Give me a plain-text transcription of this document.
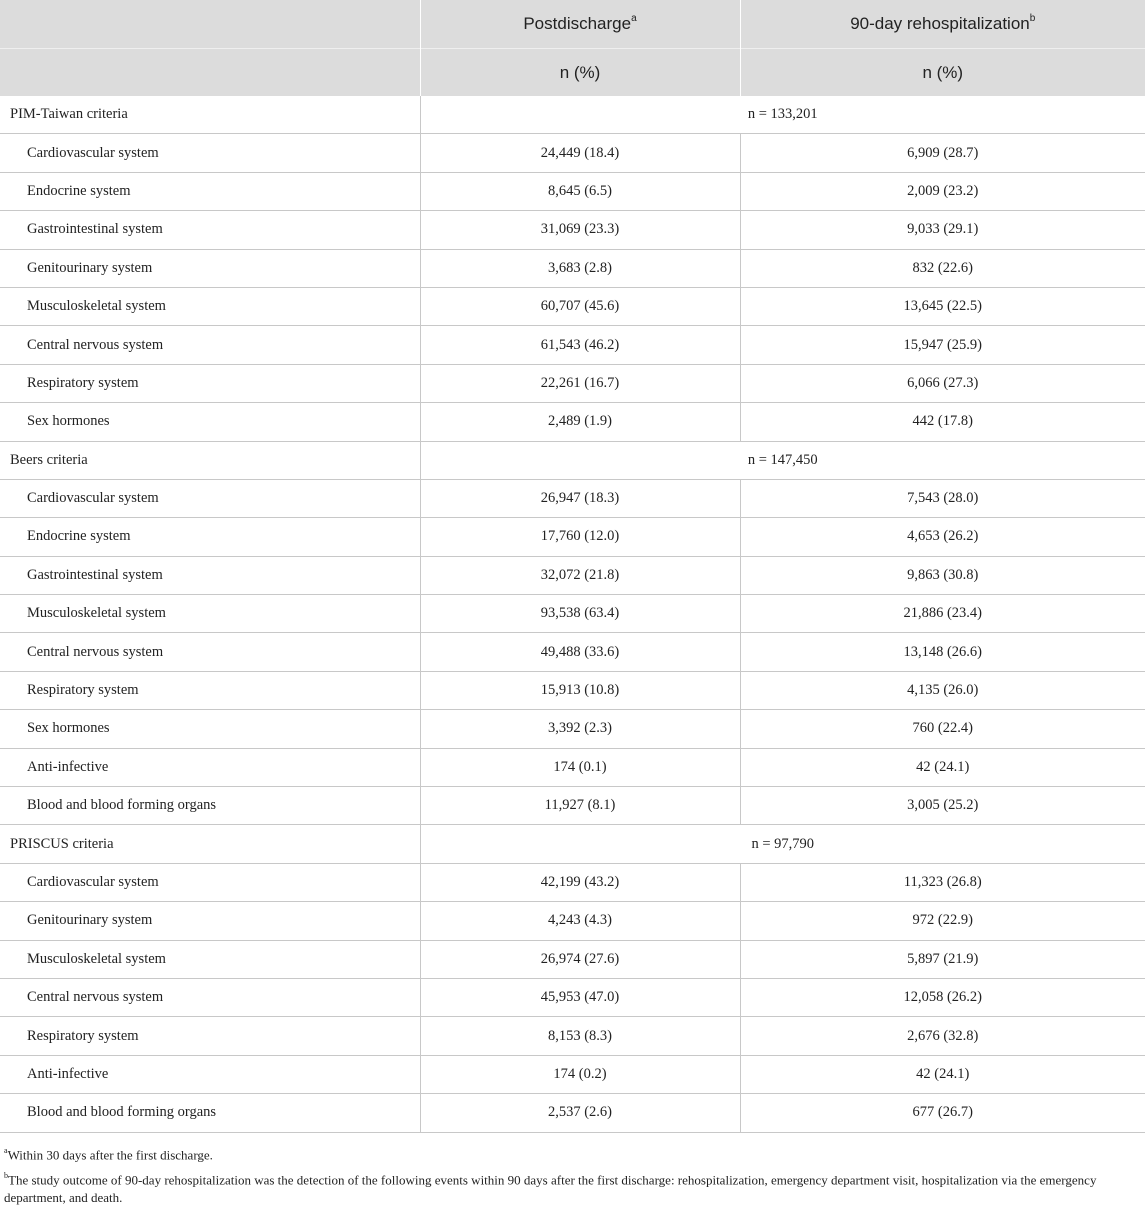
	Postdischarge$^a$	90-day rehospitalization$^b$
	n (%)	n (%)
PIM-Taiwan criteria	n = 133,201	
Cardiovascular system	24,449 (18.4)	6,909 (28.7)
Endocrine system	8,645 (6.5)	2,009 (23.2)
Gastrointestinal system	31,069 (23.3)	9,033 (29.1)
Genitourinary system	3,683 (2.8)	832 (22.6)
Musculoskeletal system	60,707 (45.6)	13,645 (22.5)
Central nervous system	61,543 (46.2)	15,947 (25.9)
Respiratory system	22,261 (16.7)	6,066 (27.3)
Sex hormones	2,489 (1.9)	442 (17.8)
Beers criteria	n = 147,450	
Cardiovascular system	26,947 (18.3)	7,543 (28.0)
Endocrine system	17,760 (12.0)	4,653 (26.2)
Gastrointestinal system	32,072 (21.8)	9,863 (30.8)
Musculoskeletal system	93,538 (63.4)	21,886 (23.4)
Central nervous system	49,488 (33.6)	13,148 (26.6)
Respiratory system	15,913 (10.8)	4,135 (26.0)
Sex hormones	3,392 (2.3)	760 (22.4)
Anti-infective	174 (0.1)	42 (24.1)
Blood and blood forming organs	11,927 (8.1)	3,005 (25.2)
PRISCUS criteria	n = 97,790	
Cardiovascular system	42,199 (43.2)	11,323 (26.8)
Genitourinary system	4,243 (4.3)	972 (22.9)
Musculoskeletal system	26,974 (27.6)	5,897 (21.9)
Central nervous system	45,953 (47.0)	12,058 (26.2)
Respiratory system	8,153 (8.3)	2,676 (32.8)
Anti-infective	174 (0.2)	42 (24.1)
Blood and blood forming organs	2,537 (2.6)	677 (26.7)

$^a$Within 30 days after the first discharge.

$^b$The study outcome of 90-day rehospitalization was the detection of the following events within 90 days after the first discharge: rehospitalization, emergency department visit, hospitalization via the emergency department, and death.
